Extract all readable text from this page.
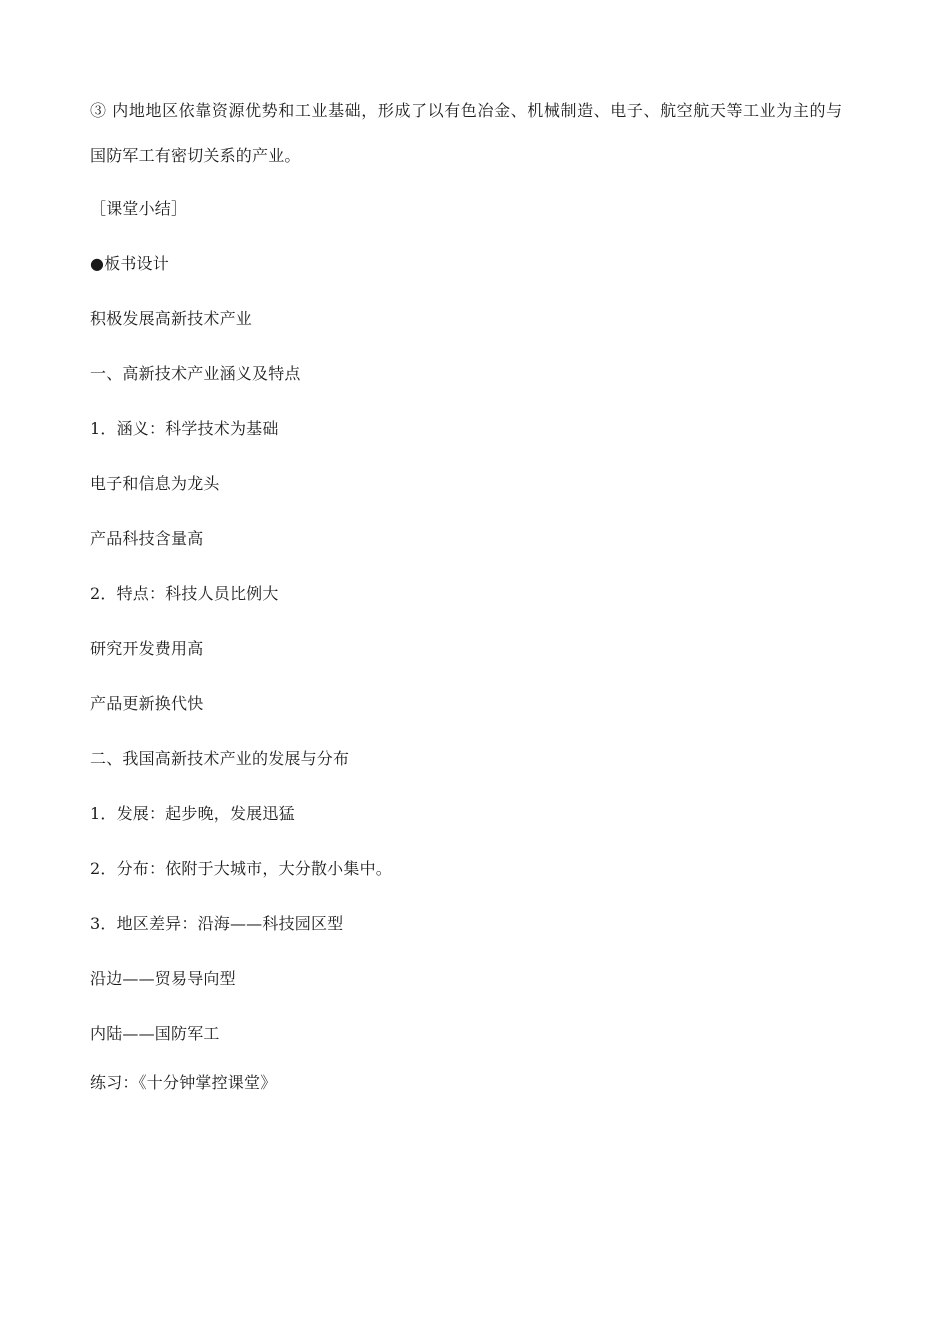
③ 内地地区依靠资源优势和工业基础，形成了以有色冶金、机械制造、电子、航空航天等工业为主的与
国防军工有密切关系的产业。
［课堂小结］
●板书设计
积极发展高新技术产业
一、高新技术产业涵义及特点
1．涵义：科学技术为基础
电子和信息为龙头
产品科技含量高
2．特点：科技人员比例大
研究开发费用高
产品更新换代快
二、我国高新技术产业的发展与分布
1．发展：起步晚，发展迅猛
2．分布：依附于大城市，大分散小集中。
3．地区差异：沿海——科技园区型
沿边——贸易导向型
内陆——国防军工
练习：《十分钟掌控课堂》
